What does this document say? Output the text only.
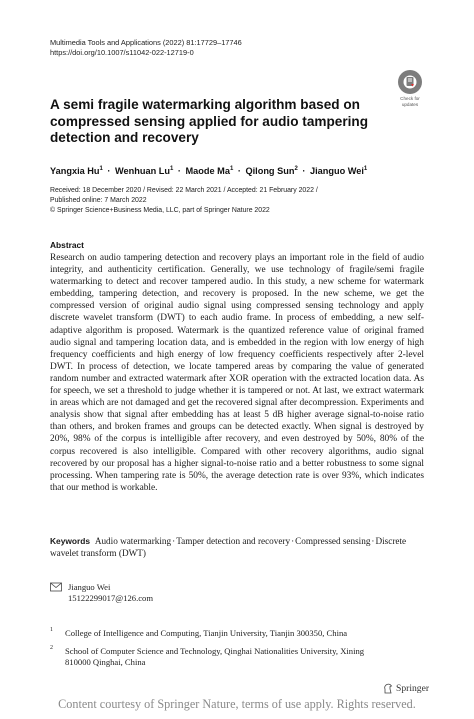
Multimedia Tools and Applications (2022) 81:17729–17746
https://doi.org/10.1007/s11042-022-12719-0
Check for
updates
A semi fragile watermarking algorithm based on compressed sensing applied for audio tampering detection and recovery
Yangxia $Hu^1$ · Wenhuan $Lu^1$ · Maode $Ma^1$ · Qilong Sun$^2$ · Jianguo Wei$^1$
Received: 18 December 2020 / Revised: 22 March 2021 / Accepted: 21 February 2022 /
Published online: 7 March 2022
© Springer Science+Business Media, LLC, part of Springer Nature 2022
Abstract

Research on audio tampering detection and recovery plays an important role in the field of audio integrity, and authenticity certification. Generally, we use technology of fragile/semi fragile watermarking to detect and recover tampered audio. In this study, a new scheme for watermark embedding, tampering detection, and recovery is proposed. In the new scheme, we get the compressed version of original audio signal using compressed sensing technology and apply discrete wavelet transform (DWT) to each audio frame. In process of embedding, a new self-adaptive algorithm is proposed. Watermark is the quantized reference value of original framed audio signal and tampering location data, and is embedded in the region with low energy of high frequency coefficients and high energy of low frequency coefficients respectively after 2-level DWT. In process of detection, we locate tampered areas by comparing the value of generated random number and extracted watermark after XOR operation with the extracted location data. As for speech, we set a threshold to judge whether it is tampered or not. At last, we extract watermark in areas which are not damaged and get the recovered signal after decompression. Experiments and analysis show that signal after embedding has at least 5 dB higher average signal-to-noise ratio than others, and broken frames and groups can be detected exactly. When signal is destroyed by 20%, 98% of the corpus is intelligible after recovery, and even destroyed by 50%, 80% of the corpus recovered is also intelligible. Compared with other recovery algorithms, audio signal recovered by our proposal has a higher signal-to-noise ratio and a better robustness to some signal processing. When tampering rate is 50%, the average detection rate is over 93%, which indicates that our method is workable.

Keywords Audio watermarking·Tamper detection and recovery·Compressed sensing·Discrete wavelet transform (DWT)
Jianguo Wei
15122299017@126.com
1	College of Intelligence and Computing, Tianjin University, Tianjin 300350, China
2	School of Computer Science and Technology, Qinghai Nationalities University, Xining 810000 Qinghai, China
Springer
Content courtesy of Springer Nature, terms of use apply. Rights reserved.
